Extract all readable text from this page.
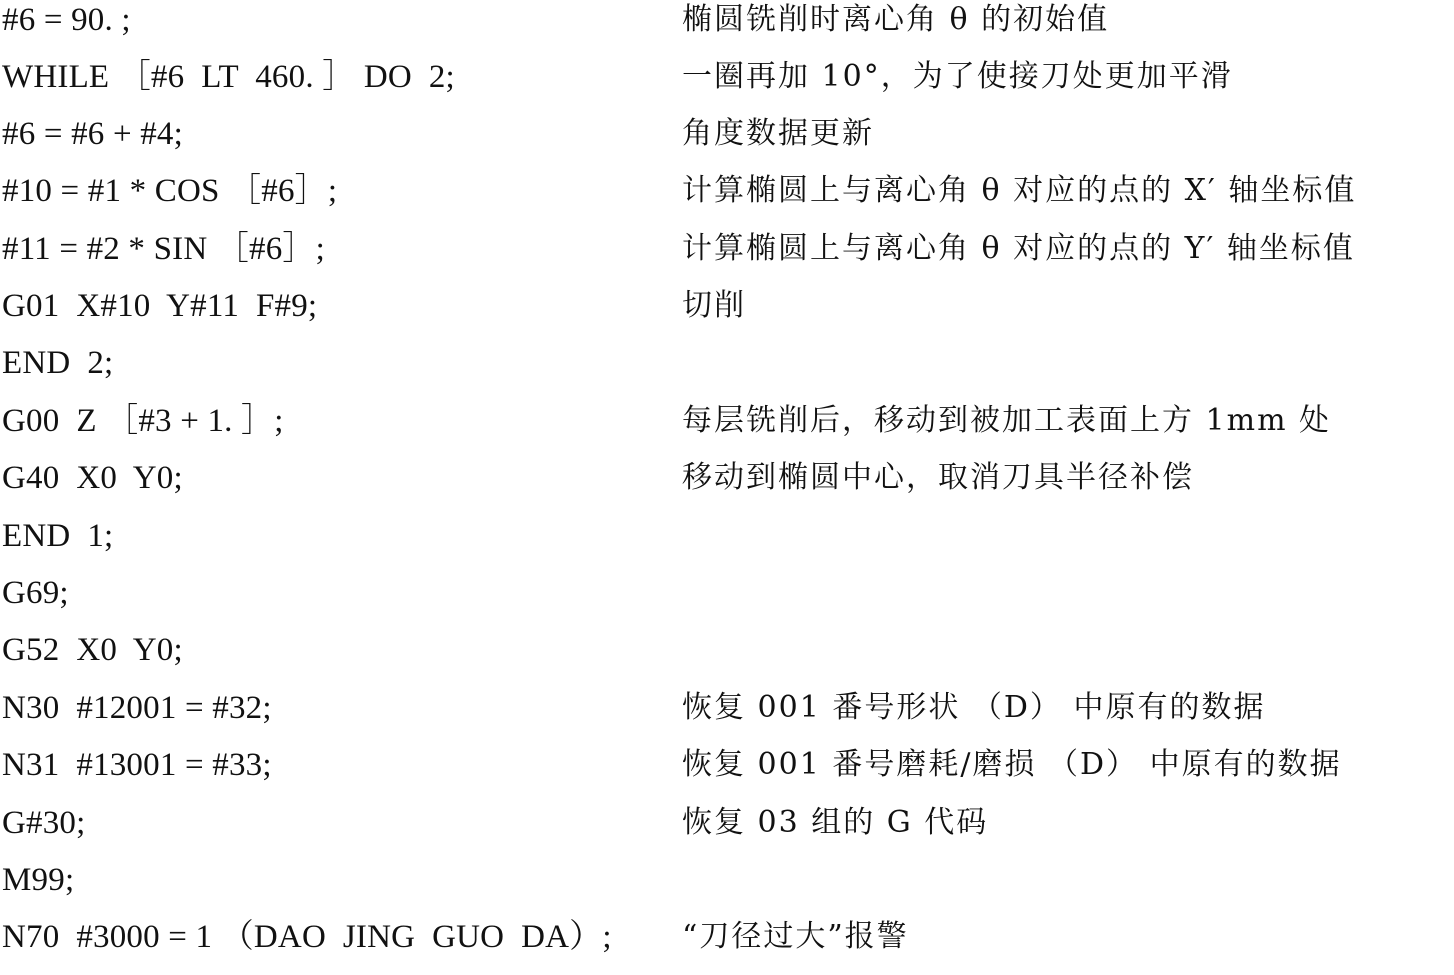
#6 = 90. ;	椭圆铣削时离心角 θ 的初始值
WHILE ［#6  LT  460. ］ DO  2;	一圈再加 10°，为了使接刀处更加平滑
#6 = #6 + #4;	角度数据更新
#10 = #1 * COS ［#6］;	计算椭圆上与离心角 θ 对应的点的 X′ 轴坐标值
#11 = #2 * SIN ［#6］;	计算椭圆上与离心角 θ 对应的点的 Y′ 轴坐标值
G01  X#10  Y#11  F#9;	切削
END  2;
G00  Z ［#3 + 1. ］;	每层铣削后，移动到被加工表面上方 1mm 处
G40  X0  Y0;	移动到椭圆中心，取消刀具半径补偿
END  1;
G69;
G52  X0  Y0;
N30  #12001 = #32;	恢复 001 番号形状 （D） 中原有的数据
N31  #13001 = #33;	恢复 001 番号磨耗/磨损 （D） 中原有的数据
G#30;	恢复 03 组的 G 代码
M99;
N70  #3000 = 1 （DAO  JING  GUO  DA）; “刀径过大”报警
